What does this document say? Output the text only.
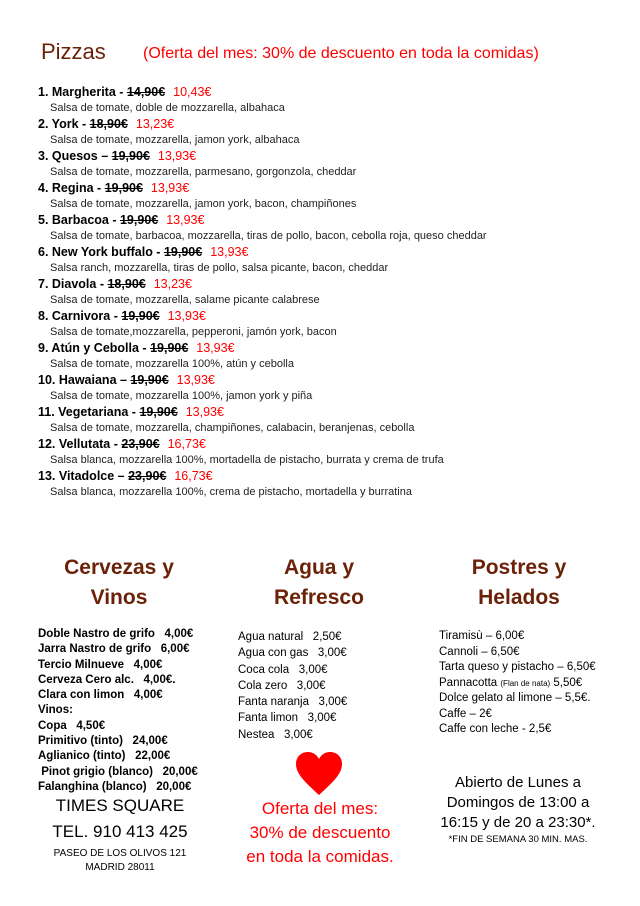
Pizzas (Oferta del mes: 30% de descuento en toda la comidas)
1. Margherita - 14,90€ 10,43€
Salsa de tomate, doble de mozzarella, albahaca
2. York - 18,90€ 13,23€
Salsa de tomate, mozzarella, jamon york, albahaca
3. Quesos – 19,90€ 13,93€
Salsa de tomate, mozzarella, parmesano, gorgonzola, cheddar
4. Regina - 19,90€ 13,93€
Salsa de tomate, mozzarella, jamon york, bacon, champiñones
5. Barbacoa - 19,90€ 13,93€
Salsa de tomate, barbacoa, mozzarella, tiras de pollo, bacon, cebolla roja, queso cheddar
6. New York buffalo - 19,90€ 13,93€
Salsa ranch, mozzarella, tiras de pollo, salsa picante, bacon, cheddar
7. Diavola - 18,90€ 13,23€
Salsa de tomate, mozzarella, salame picante calabrese
8. Carnivora - 19,90€ 13,93€
Salsa de tomate,mozzarella, pepperoni, jamón york, bacon
9. Atún y Cebolla - 19,90€ 13,93€
Salsa de tomate, mozzarella 100%, atún y cebolla
10. Hawaiana – 19,90€ 13,93€
Salsa de tomate, mozzarella 100%, jamon york y piña
11. Vegetariana - 19,90€ 13,93€
Salsa de tomate, mozzarella, champiñones, calabacin, beranjenas, cebolla
12. Vellutata - 23,90€ 16,73€
Salsa blanca, mozzarella 100%, mortadella de pistacho, burrata y crema de trufa
13. Vitadolce – 23,90€ 16,73€
Salsa blanca, mozzarella 100%, crema de pistacho, mortadella y burratina
Cervezas y
Vinos
Agua y
Refresco
Postres y
Helados
Doble Nastro de grifo   4,00€
Jarra Nastro de grifo   6,00€
Tercio Milnueve   4,00€
Cerveza Cero alc.   4,00€.
Clara con limon   4,00€
Vinos:
Copa   4,50€
Primitivo (tinto)   24,00€
Aglianico (tinto)   22,00€
Pinot grigio (blanco)   20,00€
Falanghina (blanco)   20,00€
Agua natural   2,50€
Agua con gas   3,00€
Coca cola   3,00€
Cola zero   3,00€
Fanta naranja   3,00€
Fanta limon   3,00€
Nestea   3,00€
Tiramisù – 6,00€
Cannoli – 6,50€
Tarta queso y pistacho – 6,50€
Pannacotta (Flan de nata) 5,50€
Dolce gelato al limone – 5,5€.
Caffe – 2€
Caffe con leche - 2,5€
TIMES SQUARE
TEL. 910 413 425
PASEO DE LOS OLIVOS 121
MADRID 28011
Oferta del mes:
30% de descuento
en toda la comidas.
Abierto de Lunes a
Domingos de 13:00 a
16:15 y de 20 a 23:30*.
*FIN DE SEMANA 30 MIN. MAS.
